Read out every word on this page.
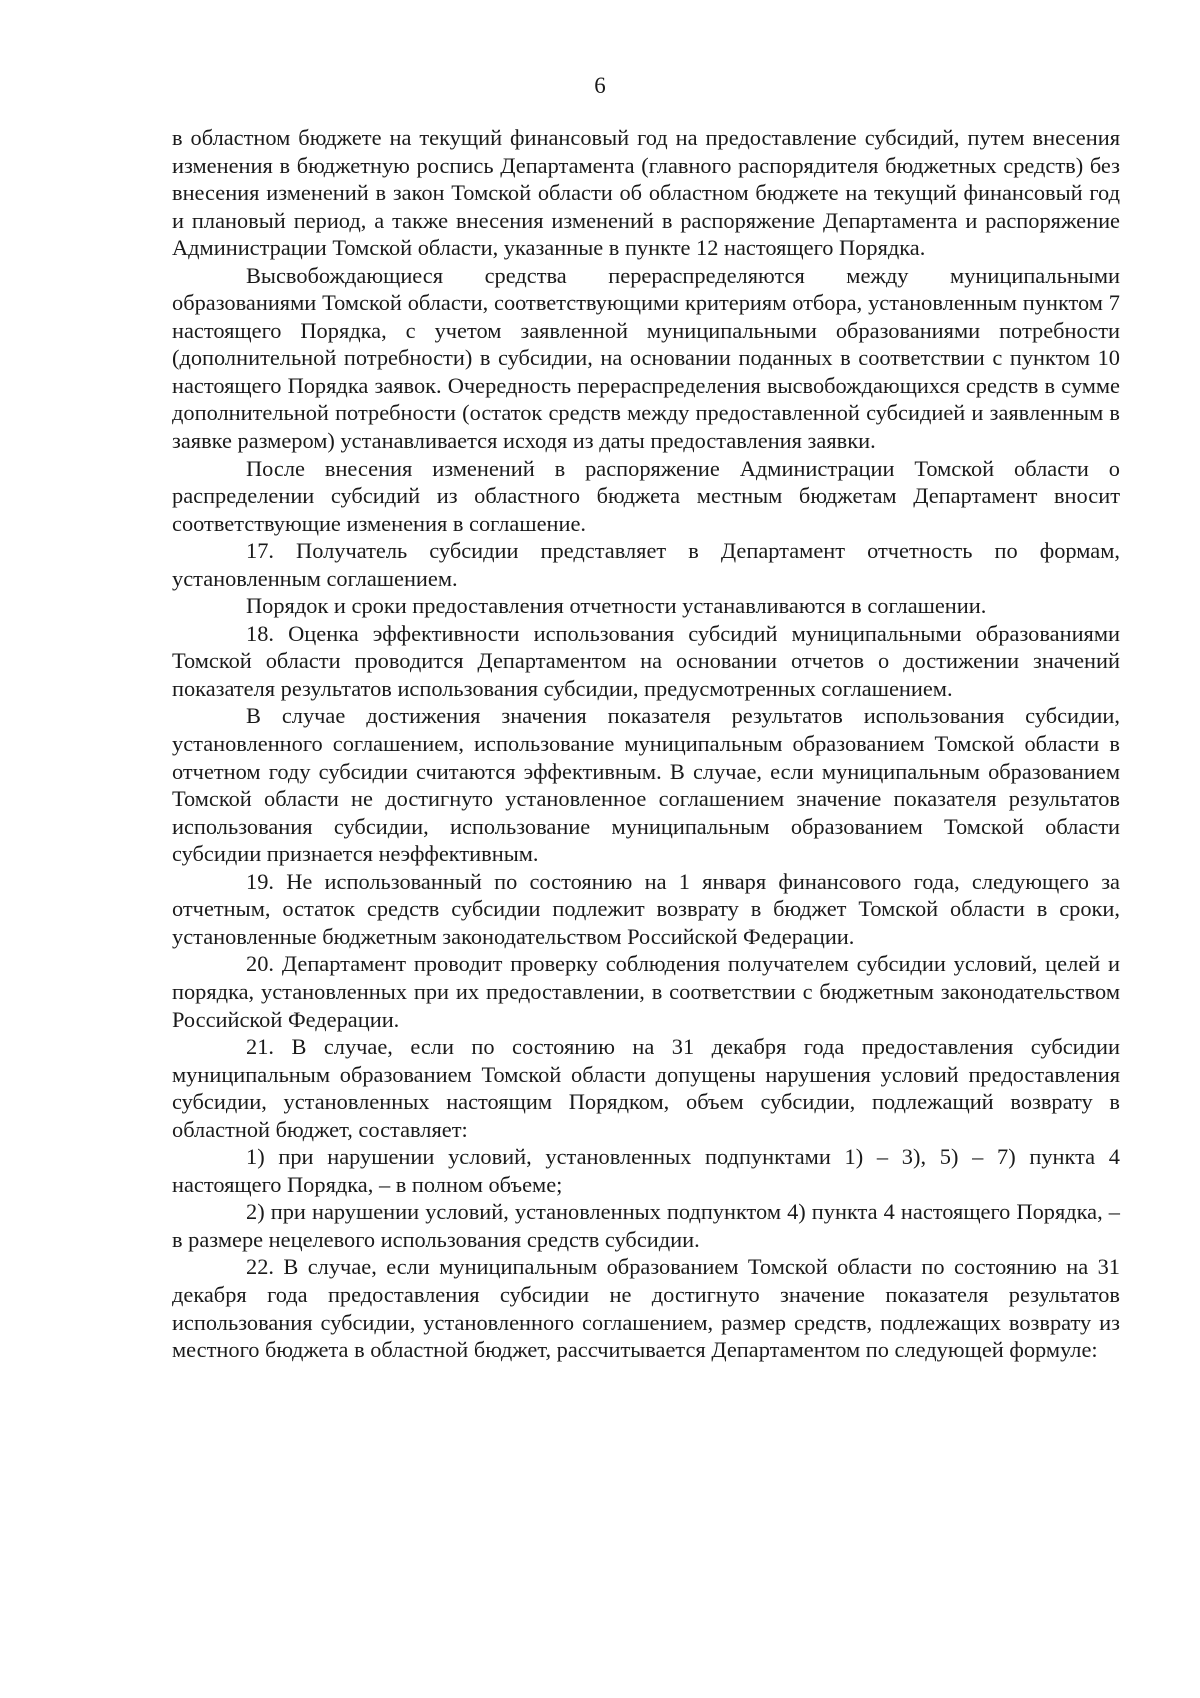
6

в областном бюджете на текущий финансовый год на предоставление субсидий, путем внесения изменения в бюджетную роспись Департамента (главного распорядителя бюджетных средств) без внесения изменений в закон Томской области об областном бюджете на текущий финансовый год и плановый период, а также внесения изменений в распоряжение Департамента и распоряжение Администрации Томской области, указанные в пункте 12 настоящего Порядка.

Высвобождающиеся средства перераспределяются между муниципальными образованиями Томской области, соответствующими критериям отбора, установленным пунктом 7 настоящего Порядка, с учетом заявленной муниципальными образованиями потребности (дополнительной потребности) в субсидии, на основании поданных в соответствии с пунктом 10 настоящего Порядка заявок. Очередность перераспределения высвобождающихся средств в сумме дополнительной потребности (остаток средств между предоставленной субсидией и заявленным в заявке размером) устанавливается исходя из даты предоставления заявки.

После внесения изменений в распоряжение Администрации Томской области о распределении субсидий из областного бюджета местным бюджетам Департамент вносит соответствующие изменения в соглашение.

17. Получатель субсидии представляет в Департамент отчетность по формам, установленным соглашением.

Порядок и сроки предоставления отчетности устанавливаются в соглашении.

18. Оценка эффективности использования субсидий муниципальными образованиями Томской области проводится Департаментом на основании отчетов о достижении значений показателя результатов использования субсидии, предусмотренных соглашением.

В случае достижения значения показателя результатов использования субсидии, установленного соглашением, использование муниципальным образованием Томской области в отчетном году субсидии считаются эффективным. В случае, если муниципальным образованием Томской области не достигнуто установленное соглашением значение показателя результатов использования субсидии, использование муниципальным образованием Томской области субсидии признается неэффективным.

19. Не использованный по состоянию на 1 января финансового года, следующего за отчетным, остаток средств субсидии подлежит возврату в бюджет Томской области в сроки, установленные бюджетным законодательством Российской Федерации.

20. Департамент проводит проверку соблюдения получателем субсидии условий, целей и порядка, установленных при их предоставлении, в соответствии с бюджетным законодательством Российской Федерации.

21. В случае, если по состоянию на 31 декабря года предоставления субсидии муниципальным образованием Томской области допущены нарушения условий предоставления субсидии, установленных настоящим Порядком, объем субсидии, подлежащий возврату в областной бюджет, составляет:

1) при нарушении условий, установленных подпунктами 1) – 3), 5) – 7) пункта 4 настоящего Порядка, – в полном объеме;

2) при нарушении условий, установленных подпунктом 4) пункта 4 настоящего Порядка, – в размере нецелевого использования средств субсидии.

22. В случае, если муниципальным образованием Томской области по состоянию на 31 декабря года предоставления субсидии не достигнуто значение показателя результатов использования субсидии, установленного соглашением, размер средств, подлежащих возврату из местного бюджета в областной бюджет, рассчитывается Департаментом по следующей формуле:
